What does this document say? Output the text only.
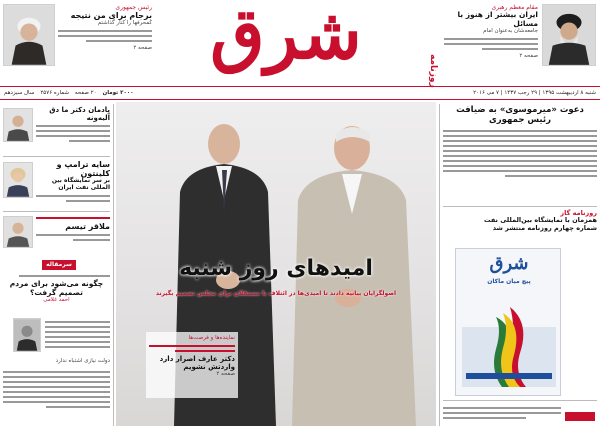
رئیس جمهوری
برجام برای من نتیجه
کمحرفها را کنار گذاشتم
صفحه ۲ شرق	روزنامه
مقام معظم رهبری
ایران بیشتر از هنوز با مسائل
جامعه‌شان به‌عنوان امام
صفحه ۲
۲۰۰۰ تومان
۲۰ صفحه
شماره ۲۵۷۶
سال سیزدهم	شنبه ۸ اردیبهشت ۱۳۹۵ | ۲۹ رجب ۱۴۳۷ | ۷ می ۲۰۱۶
یادمان دکتر ما دق آلیه‌ونه
سایه ترامپ و کلینتون
بر سر نمایشگاه بین المللی نفت ایران
ملاقر تیسم
سرمقاله
چگونه می‌شود برای مردم تصمیم گرفت؟
احمد غلامی
دولت نیازی اشتباه ندارد
امیدهای روز شنبه
اصولگرایان بیانیه دادند تا امیدی‌ها در ائتلاف با مستقلان برای مجلس تصمیم بگیرند
نماینده‌ها و فرصت‌ها
دکتر عارف اصرار دارد واردتش نشویم
صفحه ۲
دعوت «میرموسوی» به ضیافت رئیس جمهوری
روزنامه گاز
همزمان با نمایشگاه بین‌المللی نفت
شماره چهارم روزنامه منتشر شد
شرق
پیچ میان ماکان
